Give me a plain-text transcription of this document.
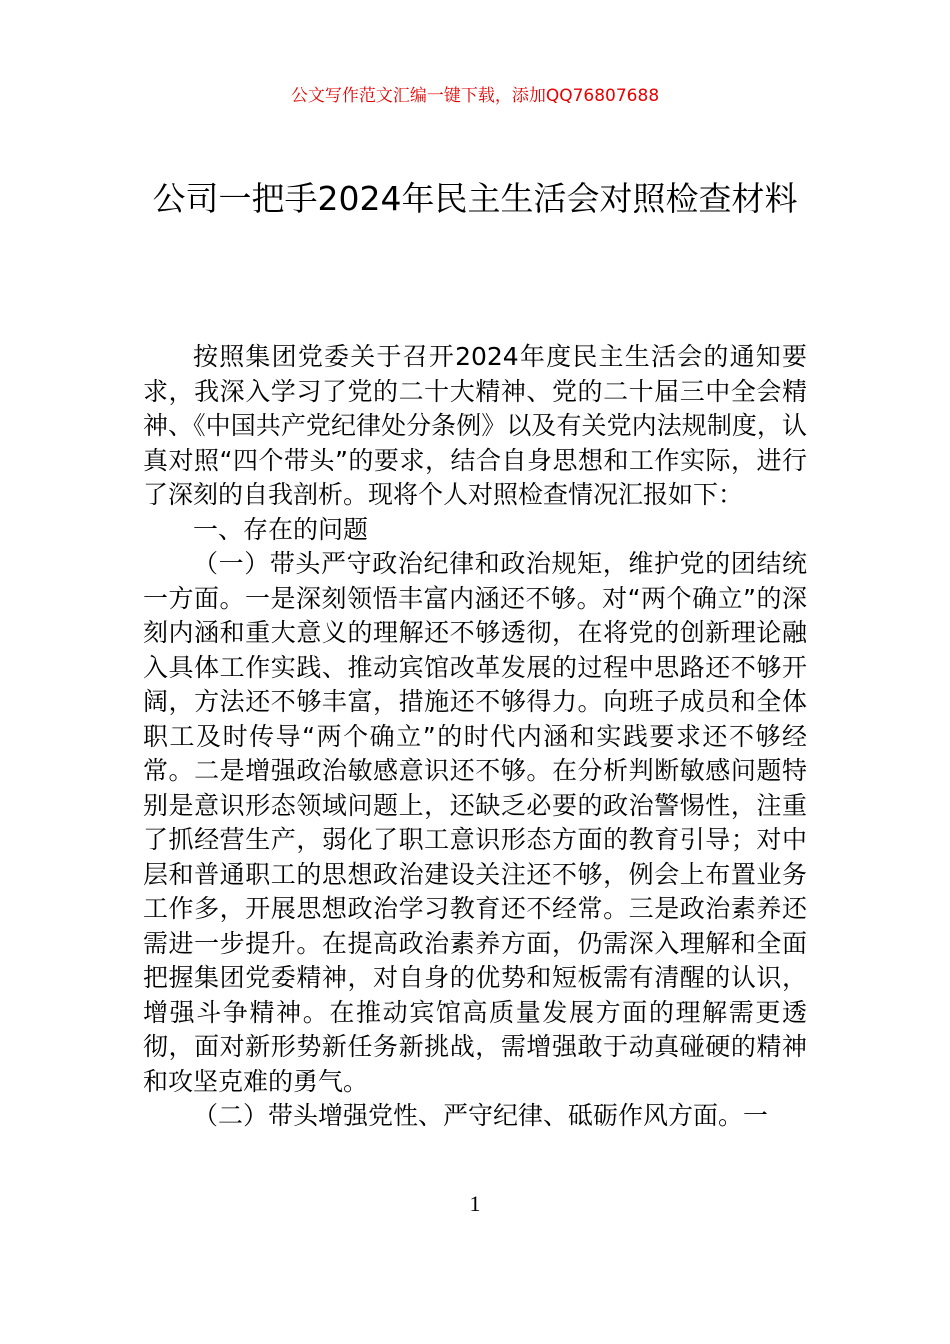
公文写作范文汇编一键下载，添加QQ76807688
公司一把手2024年民主生活会对照检查材料

按照集团党委关于召开2024年度民主生活会的通知要求，我深入学习了党的二十大精神、党的二十届三中全会精神、《中国共产党纪律处分条例》以及有关党内法规制度，认真对照“四个带头”的要求，结合自身思想和工作实际，进行了深刻的自我剖析。现将个人对照检查情况汇报如下：

一、存在的问题

（一）带头严守政治纪律和政治规矩，维护党的团结统一方面。一是深刻领悟丰富内涵还不够。对“两个确立”的深刻内涵和重大意义的理解还不够透彻，在将党的创新理论融入具体工作实践、推动宾馆改革发展的过程中思路还不够开阔，方法还不够丰富，措施还不够得力。向班子成员和全体职工及时传导“两个确立”的时代内涵和实践要求还不够经常。二是增强政治敏感意识还不够。在分析判断敏感问题特别是意识形态领域问题上，还缺乏必要的政治警惕性，注重了抓经营生产，弱化了职工意识形态方面的教育引导；对中层和普通职工的思想政治建设关注还不够，例会上布置业务工作多，开展思想政治学习教育还不经常。三是政治素养还需进一步提升。在提高政治素养方面，仍需深入理解和全面把握集团党委精神，对自身的优势和短板需有清醒的认识，增强斗争精神。在推动宾馆高质量发展方面的理解需更透彻，面对新形势新任务新挑战，需增强敢于动真碰硬的精神和攻坚克难的勇气。

（二）带头增强党性、严守纪律、砥砺作风方面。一

1
